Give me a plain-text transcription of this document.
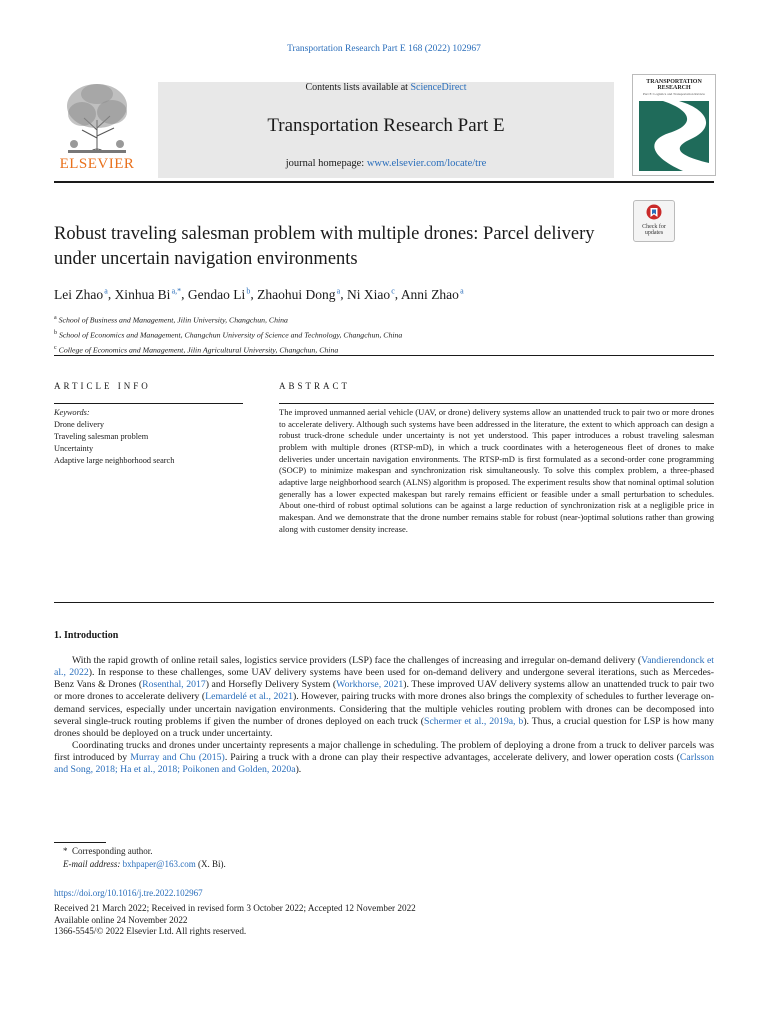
Transportation Research Part E 168 (2022) 102967
ELSEVIER
Contents lists available at ScienceDirect
Transportation Research Part E
journal homepage: www.elsevier.com/locate/tre
TRANSPORTATION
RESEARCH
Part E: Logistics and Transportation Review
Robust traveling salesman problem with multiple drones: Parcel delivery under uncertain navigation environments
Check for
updates
Lei Zhao $^a$, Xinhua Bi $^{a,*}$, Gendao Li $^b$, Zhaohui Dong $^a$, Ni Xiao $^c$, Anni Zhao $^a$
$^a$ School of Business and Management, Jilin University, Changchun, China
$^b$ School of Economics and Management, Changchun University of Science and Technology, Changchun, China
$^c$ College of Economics and Management, Jilin Agricultural University, Changchun, China
ARTICLE INFO
Keywords:
Drone delivery
Traveling salesman problem
Uncertainty
Adaptive large neighborhood search
ABSTRACT
The improved unmanned aerial vehicle (UAV, or drone) delivery systems allow an unattended truck to pair two or more drones to accelerate delivery. Although such systems have been addressed in the literature, the extent to which approach can design a robust truck-drone schedule under uncertainty is not yet understood. This paper introduces a robust traveling salesman problem with multiple drones (RTSP-mD), in which a truck coordinates with a heterogeneous fleet of drones to make deliveries under uncertain navigation environments. The RTSP-mD is first formulated as a second-order cone programming (SOCP) to minimize makespan and synchronization risk simultaneously. To solve this complex problem, a three-phased adaptive large neighborhood search (ALNS) algorithm is proposed. The experiment results show that nominal optimal solution generally has a lower expected makespan but rarely remains efficient or feasible under a small perturbation to schedules. About one-third of robust optimal solutions can be against a large reduction of synchronization risk at a negligible price in makespan. And we demonstrate that the drone number remains stable for robust (near-)optimal solutions rather than growing along with customer density increase.
1. Introduction

With the rapid growth of online retail sales, logistics service providers (LSP) face the challenges of increasing and irregular on-demand delivery (Vandierendonck et al., 2022). In response to these challenges, some UAV delivery systems have been used for on-demand delivery and undergone several iterations, such as Mercedes-Benz Vans & Drones (Rosenthal, 2017) and Horsefly Delivery System (Workhorse, 2021). These improved UAV delivery systems allow an unattended truck to pair two or more drones to accelerate delivery (Lemardelé et al., 2021). However, pairing trucks with more drones also brings the complexity of schedules to further leverage on-demand services, especially under uncertain navigation environments. Considering that the multiple vehicles routing problem with drones can be decomposed into several single-truck routing problems if given the number of drones deployed on each truck (Schermer et al., 2019a, b). Thus, a crucial question for LSP is how many drones should be deployed on a truck under uncertainty.

Coordinating trucks and drones under uncertainty represents a major challenge in scheduling. The problem of deploying a drone from a truck to deliver parcels was first introduced by Murray and Chu (2015). Pairing a truck with a drone can play their respective advantages, accelerate delivery, and lower operation costs (Carlsson and Song, 2018; Ha et al., 2018; Poikonen and Golden, 2020a).

* Corresponding author.
E-mail address: bxhpaper@163.com (X. Bi).
https://doi.org/10.1016/j.tre.2022.102967
Received 21 March 2022; Received in revised form 3 October 2022; Accepted 12 November 2022
Available online 24 November 2022
1366-5545/© 2022 Elsevier Ltd. All rights reserved.
